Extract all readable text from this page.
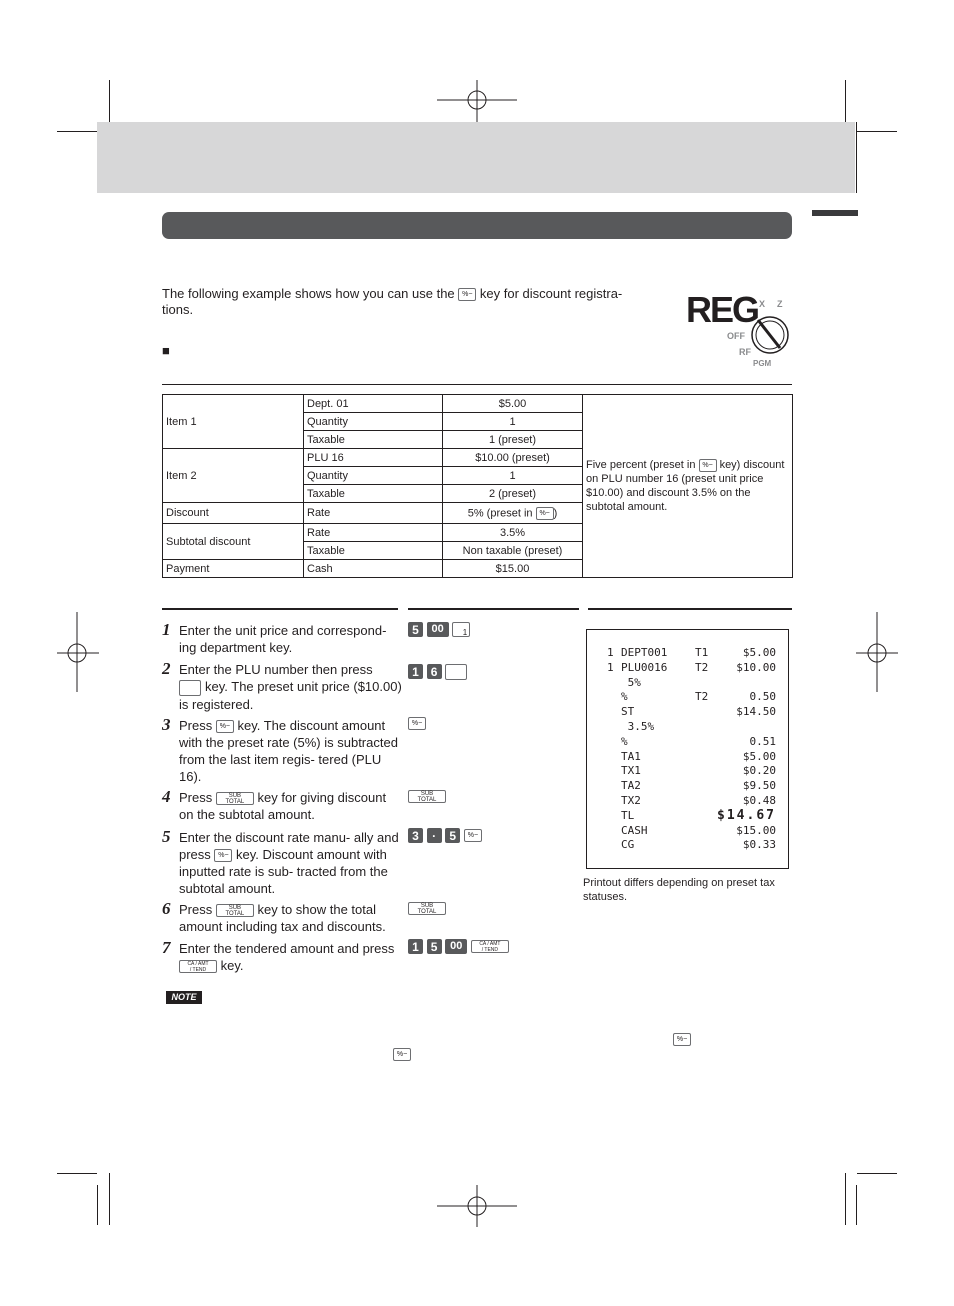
The following example shows how you can use the %− key for discount registra-
tions.
■
REG X Z
OFF
RF
PGM
Item 1	Dept. 01	$5.00	Five percent (preset in %− key) discount on PLU number 16 (preset unit price $10.00) and discount 3.5% on the subtotal amount.
	Quantity	1	
	Taxable	1 (preset)	
Item 2	PLU 16	$10.00 (preset)	
	Quantity	1	
	Taxable	2 (preset)	
Discount	Rate	5% (preset in %− )	
Subtotal discount	Rate	3.5%	
	Taxable	Non taxable (preset)	
Payment	Cash	$15.00	
1 Enter the unit price and correspond- ing department key.
2 Enter the PLU number then press
key. The preset unit price ($10.00) is registered.
3 Press %− key. The discount amount with the preset rate (5%) is subtracted from the last item regis- tered (PLU 16).
4 Press	SUB
TOTAL key for giving discount on the subtotal amount.
5 Enter the discount rate manu- ally and press %− key. Discount amount with inputted rate is sub- tracted from the subtotal amount.
6 Press	SUB
TOTAL key to show the total amount including tax and discounts.
7 Enter the tendered amount and press CA / AMT
/ TEND key.
5 00 1
1 6
%−
SUB
TOTAL
3 · 5 %−
SUB
TOTAL
1 5 00	CA / AMT
/ TEND
1 DEPT001	T1	$5.00
1 PLU0016	T2	$10.00
5%
%	T2	0.50
ST	$14.50
3.5%
%	0.51
TA1	$5.00
TX1	$0.20
TA2	$9.50
TX2	$0.48
TL	$14.67
CASH	$15.00
CG	$0.33
Printout differs depending on preset tax statuses.
NOTE
%−
%−
